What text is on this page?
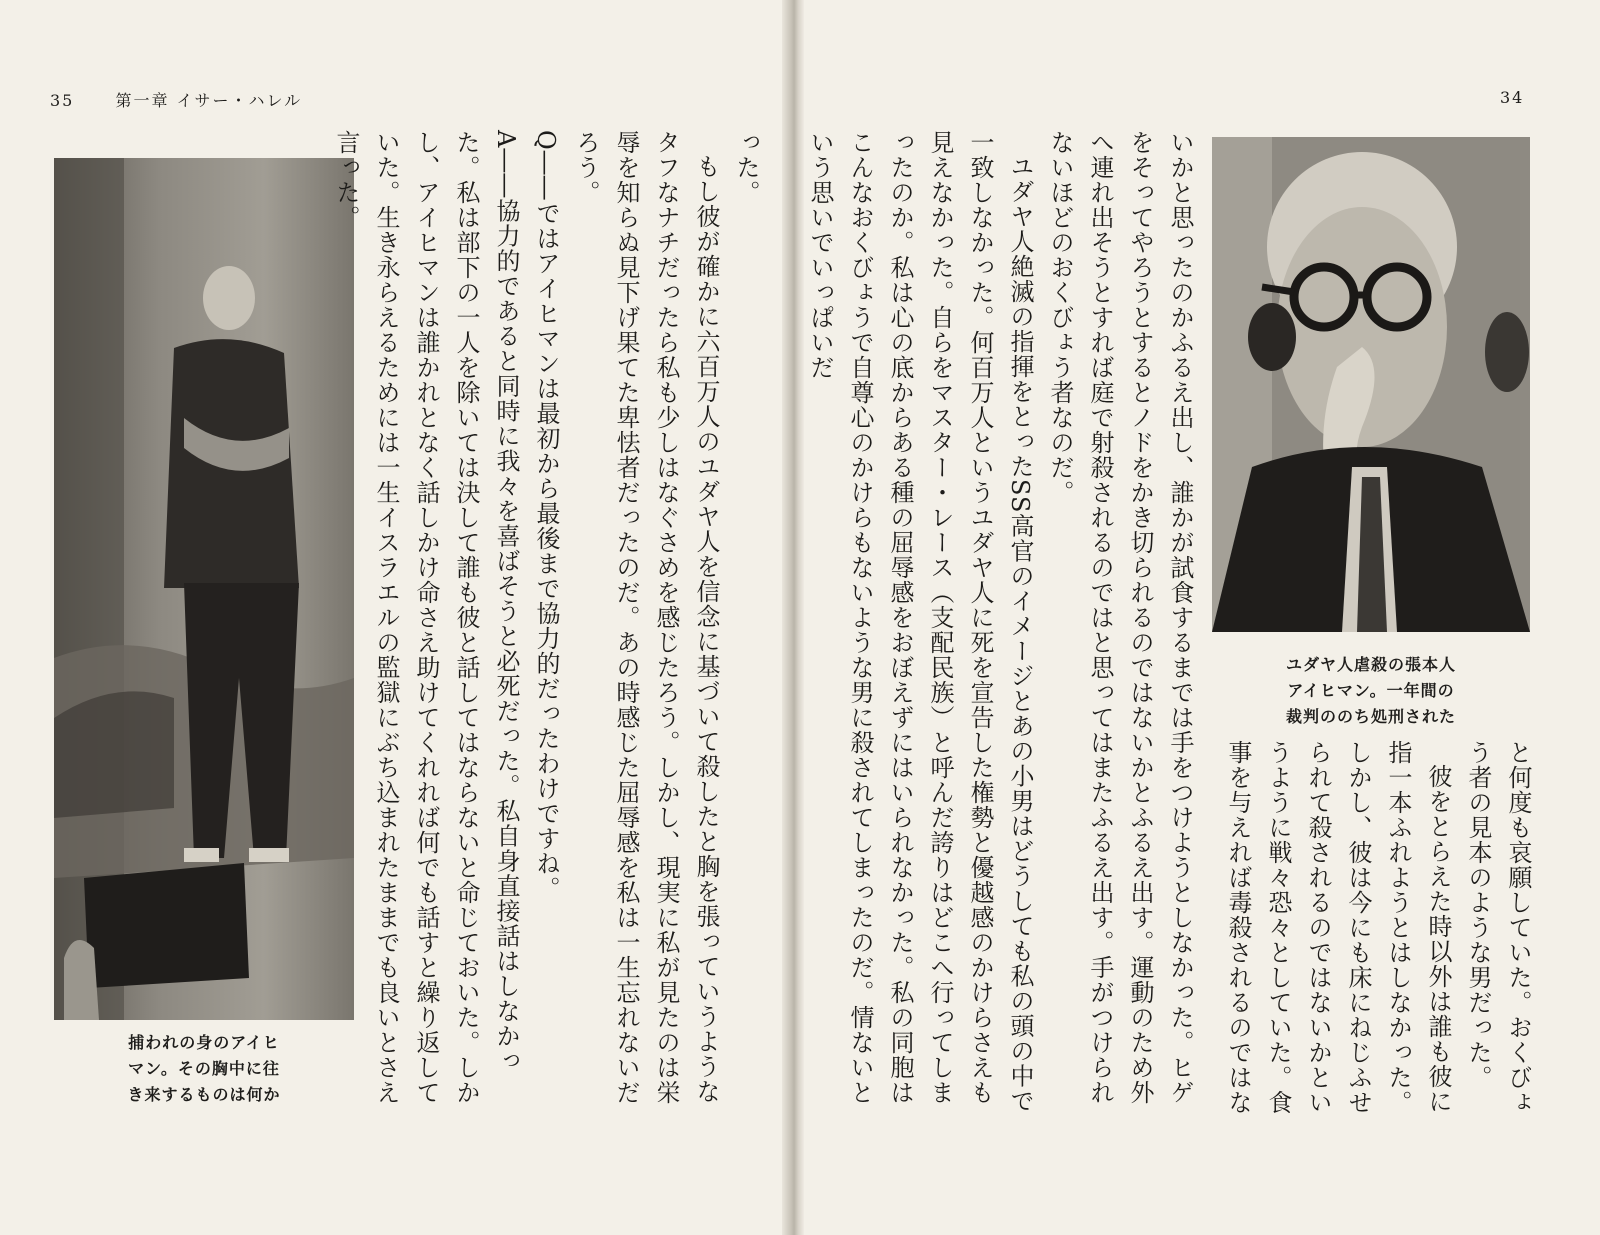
35	第一章 イサー・ハレル
捕われの身のアイヒ
マン。その胸中に往
き来するものは何か

った。

もし彼が確かに六百万人のユダヤ人を信念に基づいて殺したと胸を張っていうようなタフなナチだったら私も少しはなぐさめを感じたろう。しかし、現実に私が見たのは栄辱を知らぬ見下げ果てた卑怯者だったのだ。あの時感じた屈辱感を私は一生忘れないだろう。

Q――ではアイヒマンは最初から最後まで協力的だったわけですね。

A――協力的であると同時に我々を喜ばそうと必死だった。私自身直接話はしなかった。私は部下の一人を除いては決して誰も彼と話してはならないと命じておいた。しかし、アイヒマンは誰かれとなく話しかけ命さえ助けてくれれば何でも話すと繰り返していた。生き永らえるためには一生イスラエルの監獄にぶち込まれたままでも良いとさえ言った。

34
ユダヤ人虐殺の張本人
アイヒマン。一年間の
裁判ののち処刑された

いかと思ったのかふるえ出し、誰かが試食するまでは手をつけようとしなかった。ヒゲをそってやろうとするとノドをかき切られるのではないかとふるえ出す。運動のため外へ連れ出そうとすれば庭で射殺されるのではと思ってはまたふるえ出す。手がつけられないほどのおくびょう者なのだ。

ユダヤ人絶滅の指揮をとったSS高官のイメージとあの小男はどうしても私の頭の中で一致しなかった。何百万人というユダヤ人に死を宣告した権勢と優越感のかけらさえも見えなかった。自らをマスター・レース（支配民族）と呼んだ誇りはどこへ行ってしまったのか。私は心の底からある種の屈辱感をおぼえずにはいられなかった。私の同胞はこんなおくびょうで自尊心のかけらもないような男に殺されてしまったのだ。情ないという思いでいっぱいだ

と何度も哀願していた。おくびょう者の見本のような男だった。

彼をとらえた時以外は誰も彼に指一本ふれようとはしなかった。しかし、彼は今にも床にねじふせられて殺されるのではないかというように戦々恐々としていた。食事を与えれば毒殺されるのではな
